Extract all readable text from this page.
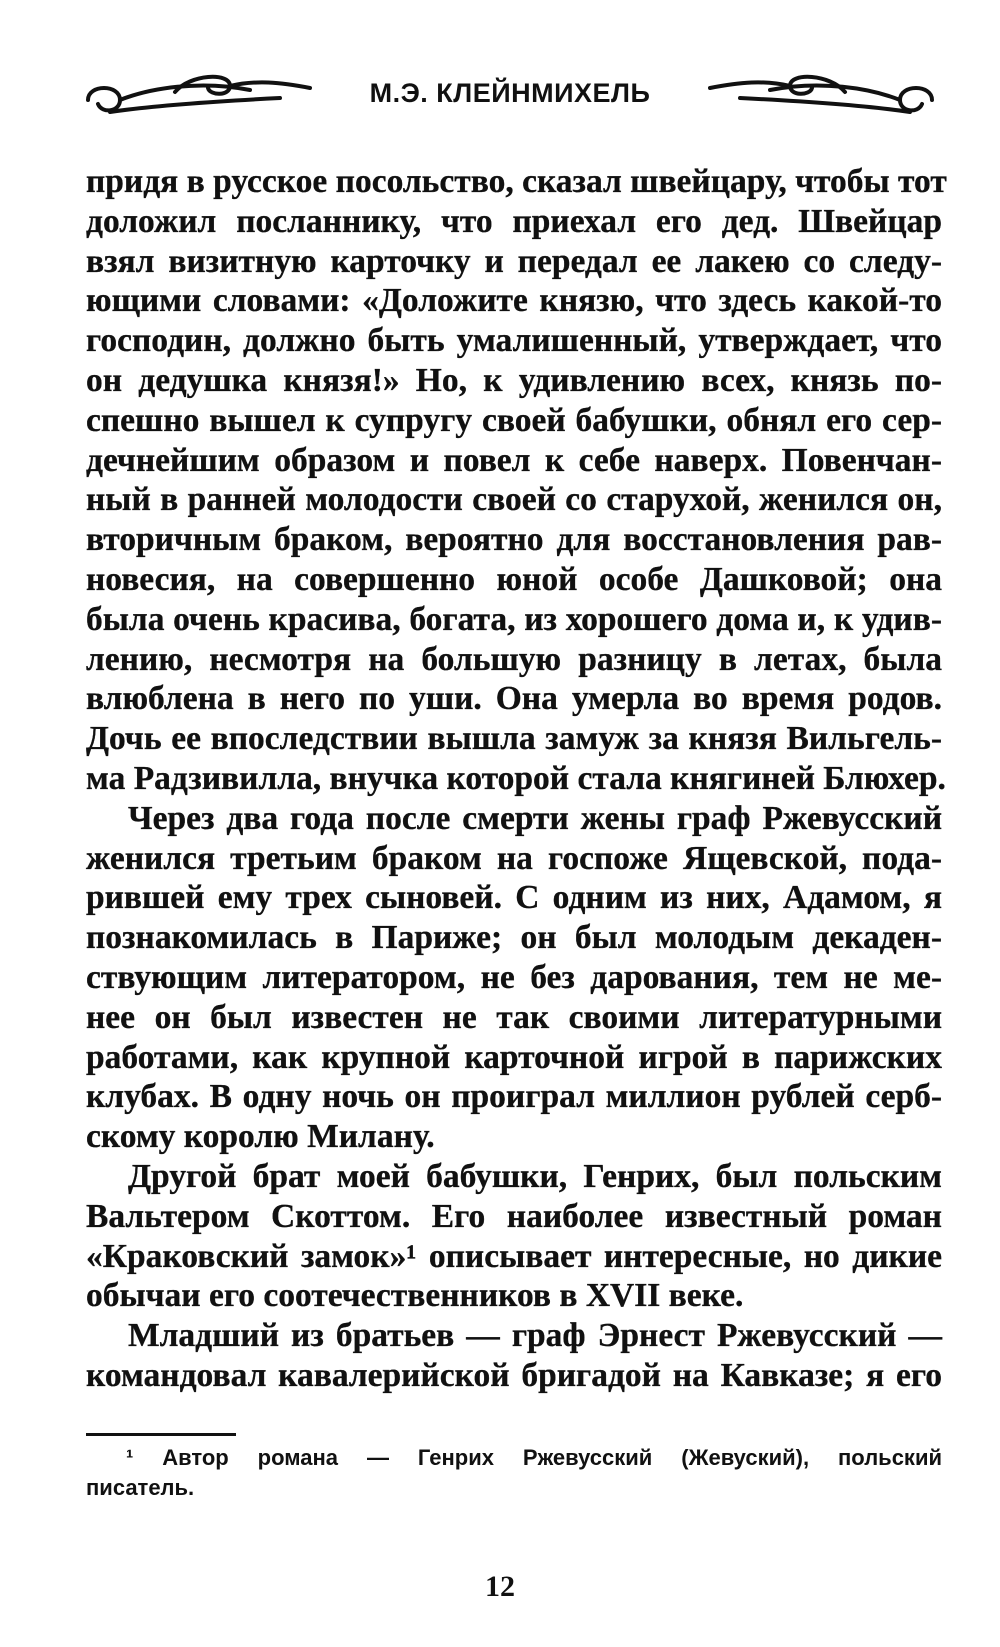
М.Э. КЛЕЙНМИХЕЛЬ

придя в русское посольство, сказал швейцару, чтобы тот
доложил посланнику, что приехал его дед. Швейцар
взял визитную карточку и передал ее лакею со следу-
ющими словами: «Доложите князю, что здесь какой-то
господин, должно быть умалишенный, утверждает, что
он дедушка князя!» Но, к удивлению всех, князь по-
спешно вышел к супругу своей бабушки, обнял его сер-
дечнейшим образом и повел к себе наверх. Повенчан-
ный в ранней молодости своей со старухой, женился он,
вторичным браком, вероятно для восстановления рав-
новесия, на совершенно юной особе Дашковой; она
была очень красива, богата, из хорошего дома и, к удив-
лению, несмотря на большую разницу в летах, была
влюблена в него по уши. Она умерла во время родов.
Дочь ее впоследствии вышла замуж за князя Вильгель-
ма Радзивилла, внучка которой стала княгиней Блюхер.

Через два года после смерти жены граф Ржевусский
женился третьим браком на госпоже Ящевской, пода-
рившей ему трех сыновей. С одним из них, Адамом, я
познакомилась в Париже; он был молодым декаден-
ствующим литератором, не без дарования, тем не ме-
нее он был известен не так своими литературными
работами, как крупной карточной игрой в парижских
клубах. В одну ночь он проиграл миллион рублей серб-
скому королю Милану.

Другой брат моей бабушки, Генрих, был польским
Вальтером Скоттом. Его наиболее известный роман
«Краковский замок»¹ описывает интересные, но дикие
обычаи его соотечественников в XVII веке.

Младший из братьев — граф Эрнест Ржевусский —
командовал кавалерийской бригадой на Кавказе; я его

¹ Автор романа — Генрих Ржевусский (Жевуский), польский
писатель.
12
